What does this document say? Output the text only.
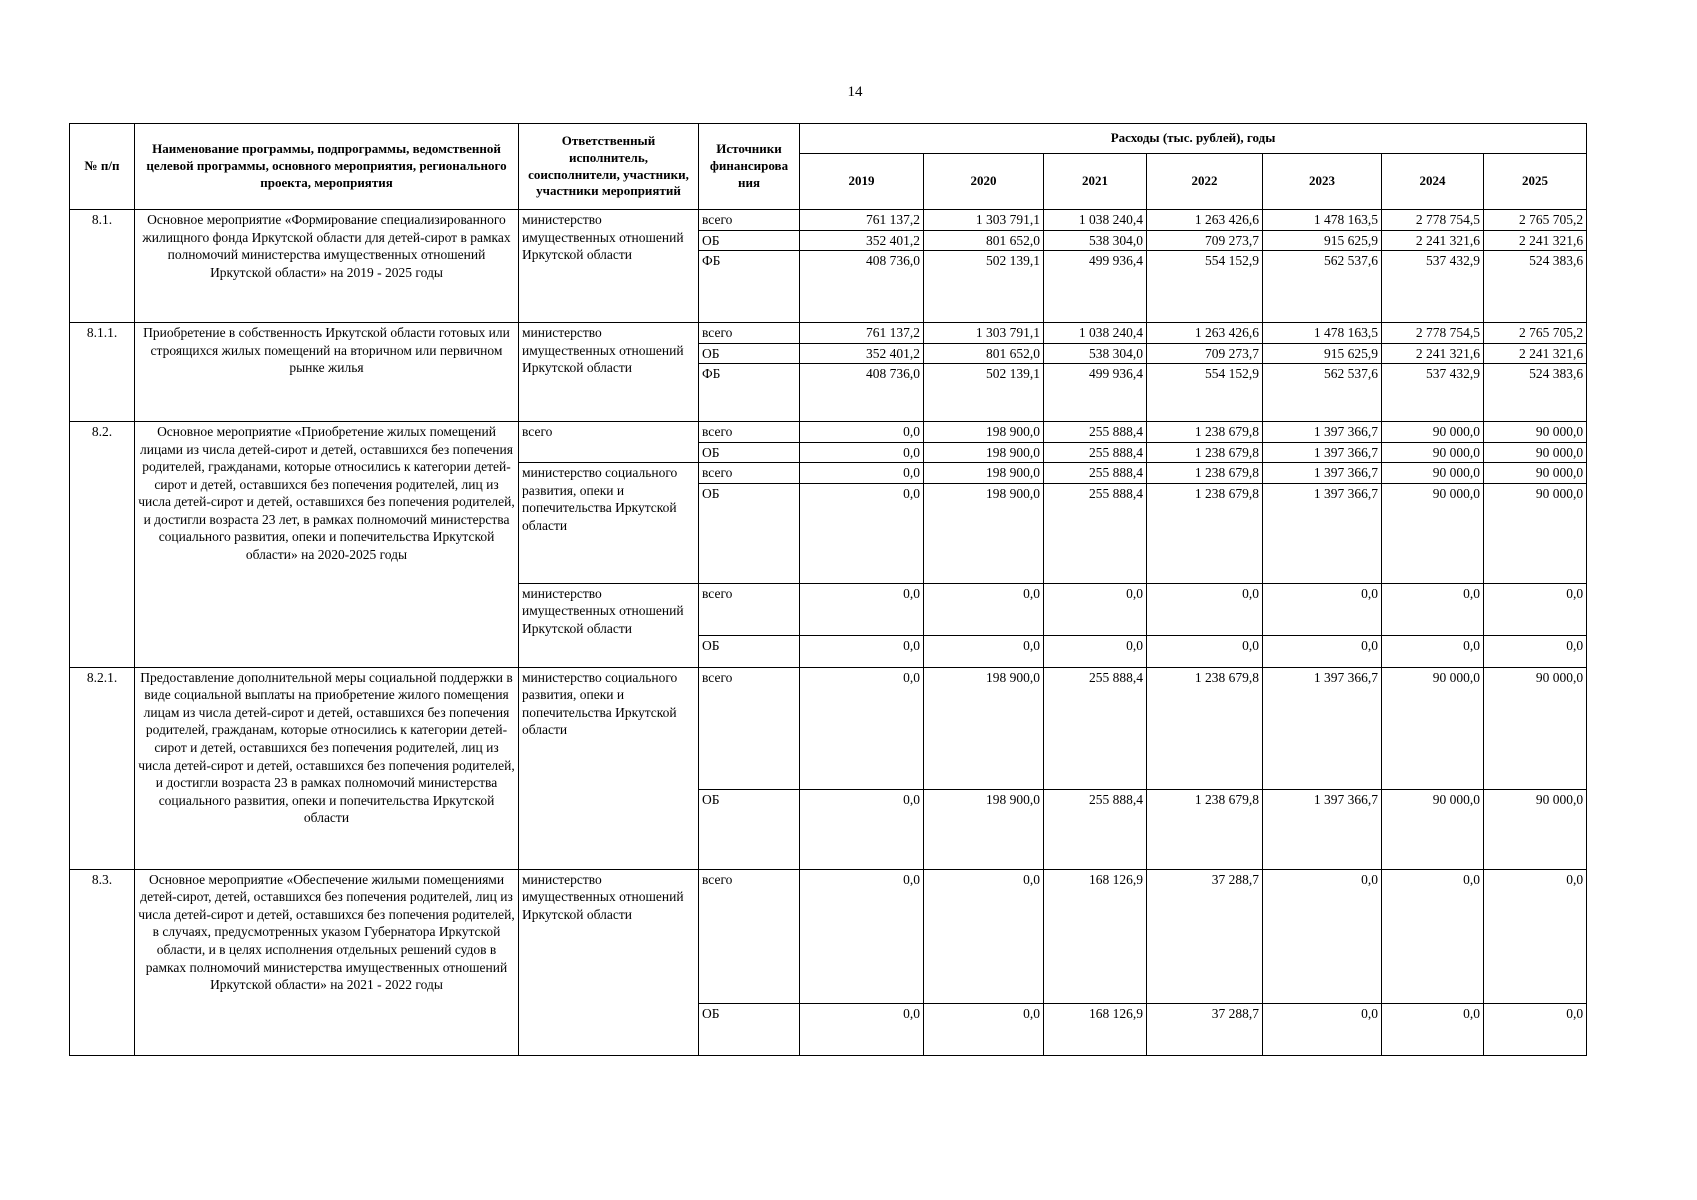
14
№ п/п	Наименование программы, подпрограммы, ведомственной целевой программы, основного мероприятия, регионального проекта, мероприятия	Ответственный исполнитель, соисполнители, участники, участники мероприятий	Источники финансирова ния	Расходы (тыс. рублей), годы						
				2019	2020	2021	2022	2023	2024	2025
8.1.	Основное мероприятие «Формирование специализированного жилищного фонда Иркутской области для детей-сирот в рамках полномочий министерства имущественных отношений Иркутской области» на 2019 - 2025 годы	министерство имущественных отношений Иркутской области	всего	761 137,2	1 303 791,1	1 038 240,4	1 263 426,6	1 478 163,5	2 778 754,5	2 765 705,2
			ОБ	352 401,2	801 652,0	538 304,0	709 273,7	915 625,9	2 241 321,6	2 241 321,6
			ФБ	408 736,0	502 139,1	499 936,4	554 152,9	562 537,6	537 432,9	524 383,6
8.1.1.	Приобретение в собственность Иркутской области готовых или строящихся жилых помещений на вторичном или первичном рынке жилья	министерство имущественных отношений Иркутской области	всего	761 137,2	1 303 791,1	1 038 240,4	1 263 426,6	1 478 163,5	2 778 754,5	2 765 705,2
			ОБ	352 401,2	801 652,0	538 304,0	709 273,7	915 625,9	2 241 321,6	2 241 321,6
			ФБ	408 736,0	502 139,1	499 936,4	554 152,9	562 537,6	537 432,9	524 383,6
8.2.	Основное мероприятие «Приобретение жилых помещений лицами из числа детей-сирот и детей, оставшихся без попечения родителей, гражданами, которые относились к категории детей-сирот и детей, оставшихся без попечения родителей, лиц из числа детей-сирот и детей, оставшихся без попечения родителей, и достигли возраста 23 лет, в рамках полномочий министерства социального развития, опеки и попечительства Иркутской области» на 2020-2025 годы	всего	всего	0,0	198 900,0	255 888,4	1 238 679,8	1 397 366,7	90 000,0	90 000,0
			ОБ	0,0	198 900,0	255 888,4	1 238 679,8	1 397 366,7	90 000,0	90 000,0
		министерство социального развития, опеки и попечительства Иркутской области	всего	0,0	198 900,0	255 888,4	1 238 679,8	1 397 366,7	90 000,0	90 000,0
			ОБ	0,0	198 900,0	255 888,4	1 238 679,8	1 397 366,7	90 000,0	90 000,0
		министерство имущественных отношений Иркутской области	всего	0,0	0,0	0,0	0,0	0,0	0,0	0,0
			ОБ	0,0	0,0	0,0	0,0	0,0	0,0	0,0
8.2.1.	Предоставление дополнительной меры социальной поддержки в виде социальной выплаты на приобретение жилого помещения лицам из числа детей-сирот и детей, оставшихся без попечения родителей, гражданам, которые относились к категории детей-сирот и детей, оставшихся без попечения родителей, лиц из числа детей-сирот и детей, оставшихся без попечения родителей, и достигли возраста 23 в рамках полномочий министерства социального развития, опеки и попечительства Иркутской области	министерство социального развития, опеки и попечительства Иркутской области	всего	0,0	198 900,0	255 888,4	1 238 679,8	1 397 366,7	90 000,0	90 000,0
			ОБ	0,0	198 900,0	255 888,4	1 238 679,8	1 397 366,7	90 000,0	90 000,0
8.3.	Основное мероприятие «Обеспечение жилыми помещениями детей-сирот, детей, оставшихся без попечения родителей, лиц из числа детей-сирот и детей, оставшихся без попечения родителей, в случаях, предусмотренных указом Губернатора Иркутской области, и в целях исполнения отдельных решений судов в рамках полномочий министерства имущественных отношений Иркутской области» на 2021 - 2022 годы	министерство имущественных отношений Иркутской области	всего	0,0	0,0	168 126,9	37 288,7	0,0	0,0	0,0
			ОБ	0,0	0,0	168 126,9	37 288,7	0,0	0,0	0,0
